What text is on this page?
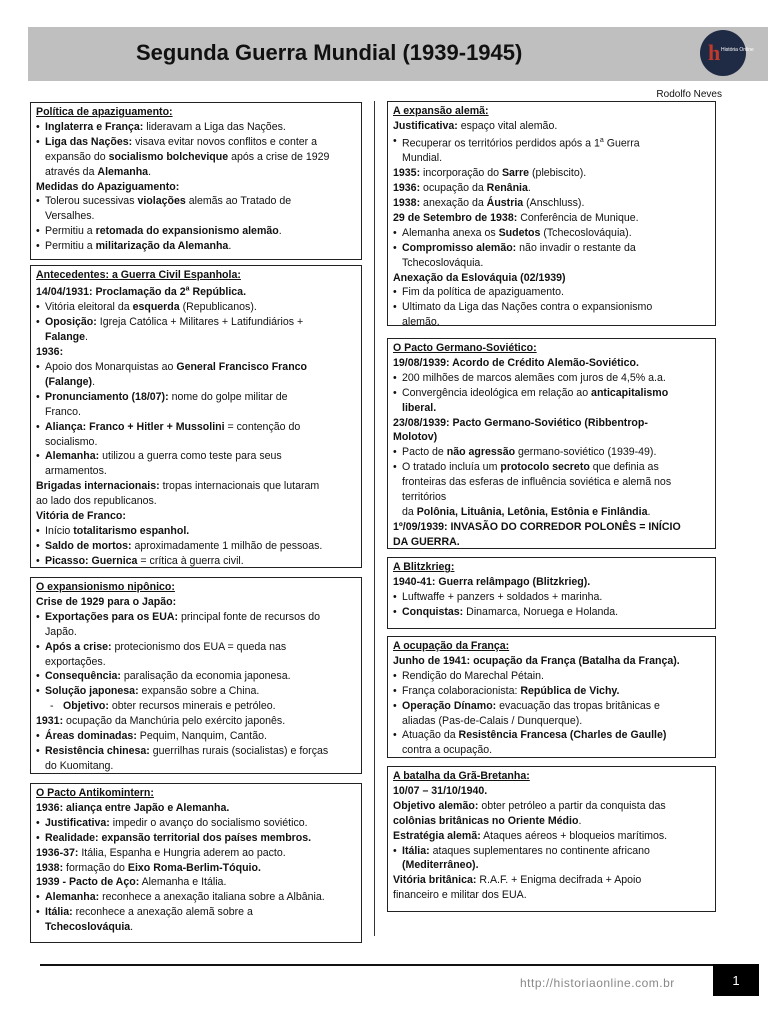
Segunda Guerra Mundial (1939-1945)	h História Online
Rodolfo Neves
Política de apaziguamento:
• Inglaterra e França: lideravam a Liga das Nações.
• Liga das Nações: visava evitar novos conflitos e conter a
expansão do socialismo bolchevique após a crise de 1929
através da Alemanha.
Medidas do Apaziguamento:
• Tolerou sucessivas violações alemãs ao Tratado de
Versalhes.
• Permitiu a retomada do expansionismo alemão.
• Permitiu a militarização da Alemanha.
Antecedentes: a Guerra Civil Espanhola:
14/04/1931: Proclamação da 2$^a$ República.
• Vitória eleitoral da esquerda (Republicanos).
• Oposição: Igreja Católica + Militares + Latifundiários +
Falange.
1936:
• Apoio dos Monarquistas ao General Francisco Franco
(Falange).
• Pronunciamento (18/07): nome do golpe militar de
Franco.
• Aliança: Franco + Hitler + Mussolini = contenção do
socialismo.
• Alemanha: utilizou a guerra como teste para seus
armamentos.
Brigadas internacionais: tropas internacionais que lutaram
ao lado dos republicanos.
Vitória de Franco:
• Início totalitarismo espanhol.
• Saldo de mortos: aproximadamente 1 milhão de pessoas.
• Picasso: Guernica = crítica à guerra civil.
O expansionismo nipônico:
Crise de 1929 para o Japão:
• Exportações para os EUA: principal fonte de recursos do
Japão.
• Após a crise: protecionismo dos EUA = queda nas
exportações.
• Consequência: paralisação da economia japonesa.
• Solução japonesa: expansão sobre a China.
- Objetivo: obter recursos minerais e petróleo.
1931: ocupação da Manchúria pelo exército japonês.
• Áreas dominadas: Pequim, Nanquim, Cantão.
• Resistência chinesa: guerrilhas rurais (socialistas) e forças
do Kuomitang.
O Pacto Antikomintern:
1936: aliança entre Japão e Alemanha.
• Justificativa: impedir o avanço do socialismo soviético.
• Realidade: expansão territorial dos países membros.
1936-37: Itália, Espanha e Hungria aderem ao pacto.
1938: formação do Eixo Roma-Berlim-Tóquio.
1939 - Pacto de Aço: Alemanha e Itália.
• Alemanha: reconhece a anexação italiana sobre a Albânia.
• Itália: reconhece a anexação alemã sobre a
Tchecoslováquia.
A expansão alemã:
Justificativa: espaço vital alemão.
• Recuperar os territórios perdidos após a 1$^a$ Guerra
Mundial.
1935: incorporação do Sarre (plebiscito).
1936: ocupação da Renânia.
1938: anexação da Áustria (Anschluss).
29 de Setembro de 1938: Conferência de Munique.
• Alemanha anexa os Sudetos (Tchecoslováquia).
• Compromisso alemão: não invadir o restante da
Tchecoslováquia.
Anexação da Eslováquia (02/1939)
• Fim da política de apaziguamento.
• Ultimato da Liga das Nações contra o expansionismo
alemão.
O Pacto Germano-Soviético:
19/08/1939: Acordo de Crédito Alemão-Soviético.
• 200 milhões de marcos alemães com juros de 4,5% a.a.
• Convergência ideológica em relação ao anticapitalismo
liberal.
23/08/1939: Pacto Germano-Soviético (Ribbentrop-
Molotov)
• Pacto de não agressão germano-soviético (1939-49).
• O tratado incluía um protocolo secreto que definia as
fronteiras das esferas de influência soviética e alemã nos
territórios
da Polônia, Lituânia, Letônia, Estônia e Finlândia.
1º/09/1939: INVASÃO DO CORREDOR POLONÊS = INÍCIO
DA GUERRA.
A Blitzkrieg:
1940-41: Guerra relâmpago (Blitzkrieg).
• Luftwaffe + panzers + soldados + marinha.
• Conquistas: Dinamarca, Noruega e Holanda.
A ocupação da França:
Junho de 1941: ocupação da França (Batalha da França).
• Rendição do Marechal Pétain.
• França colaboracionista: República de Vichy.
• Operação Dínamo: evacuação das tropas britânicas e
aliadas (Pas-de-Calais / Dunquerque).
• Atuação da Resistência Francesa (Charles de Gaulle)
contra a ocupação.
A batalha da Grã-Bretanha:
10/07 – 31/10/1940.
Objetivo alemão: obter petróleo a partir da conquista das
colônias britânicas no Oriente Médio.
Estratégia alemã: Ataques aéreos + bloqueios marítimos.
• Itália: ataques suplementares no continente africano
(Mediterrâneo).
Vitória britânica: R.A.F. + Enigma decifrada + Apoio
financeiro e militar dos EUA.
http://historiaonline.com.br	1
